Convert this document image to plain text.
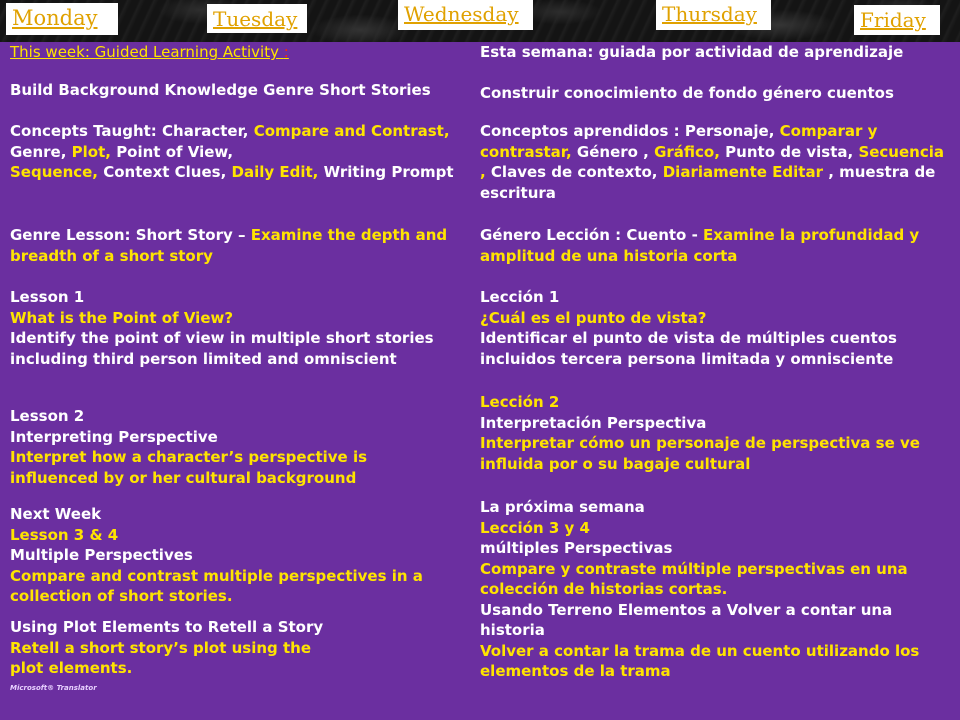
Monday	Tuesday	Wednesday	Thursday	Friday
This week: Guided Learning Activity :
Build Background Knowledge Genre Short Stories
Concepts Taught: Character, Compare and Contrast, Genre, Plot, Point of View,
Sequence, Context Clues, Daily Edit, Writing Prompt
Genre Lesson: Short Story – Examine the depth and breadth of a short story
Lesson 1
What is the Point of View?
Identify the point of view in multiple short stories including third person limited and omniscient
Lesson 2
Interpreting Perspective
Interpret how a character’s perspective is influenced by or her cultural background
Next Week
Lesson 3 & 4
Multiple Perspectives
Compare and contrast multiple perspectives in a collection of short stories.
Using Plot Elements to Retell a Story
Retell a short story’s plot using the plot elements.
Microsoft® Translator
Esta semana: guiada por actividad de aprendizaje
Construir conocimiento de fondo género cuentos
Conceptos aprendidos : Personaje, Comparar y contrastar, Género , Gráfico, Punto de vista, Secuencia , Claves de contexto, Diariamente Editar , muestra de escritura
Género Lección : Cuento - Examine la profundidad y amplitud de una historia corta
Lección 1
¿Cuál es el punto de vista?
Identificar el punto de vista de múltiples cuentos incluidos tercera persona limitada y omnisciente
Lección 2
Interpretación Perspectiva
Interpretar cómo un personaje de perspectiva se ve influida por o su bagaje cultural
La próxima semana
Lección 3 y 4
múltiples Perspectivas
Compare y contraste múltiple perspectivas en una colección de historias cortas.
Usando Terreno Elementos a Volver a contar una historia
Volver a contar la trama de un cuento utilizando los elementos de la trama
